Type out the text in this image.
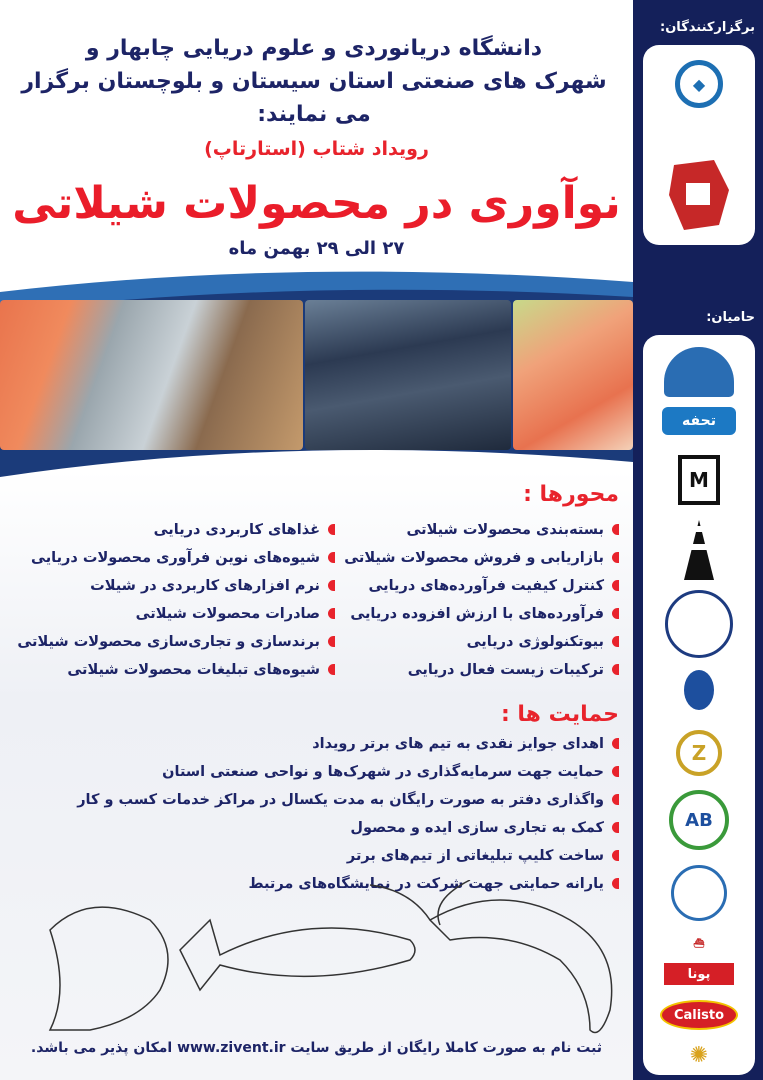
دانشگاه دریانوردی و علوم دریایی چابهار و
شهرک های صنعتی استان سیستان و بلوچستان برگزار می نمایند:
رویداد شتاب (استارتاپ)
نوآوری در محصولات شیلاتی
۲۷ الی ۲۹ بهمن ماه
محورها :
بسته‌بندی محصولات شیلاتی
بازاریابی و فروش محصولات شیلاتی
کنترل کیفیت فرآورده‌های دریایی
فرآورده‌های با ارزش افزوده دریایی
بیوتکنولوژی دریایی
ترکیبات زیست فعال دریایی
غذاهای کاربردی دریایی
شیوه‌های نوین فرآوری محصولات دریایی
نرم افزارهای کاربردی در شیلات
صادرات محصولات شیلاتی
برندسازی و تجاری‌سازی محصولات شیلاتی
شیوه‌های تبلیغات محصولات شیلاتی
حمایت ها :
اهدای جوایز نقدی به تیم های برتر رویداد
حمایت جهت سرمایه‌گذاری در شهرک‌ها و نواحی صنعتی استان
واگذاری دفتر به صورت رایگان به مدت یکسال در مراکز خدمات کسب و کار
کمک به تجاری سازی ایده و محصول
ساخت کلیپ تبلیغاتی از تیم‌های برتر
یارانه حمایتی جهت شرکت در نمایشگاه‌های مرتبط
ثبت نام به صورت کاملا رایگان از طریق سایت www.zivent.ir امکان پذیر می باشد.
برگزارکنندگان:
◆
حامیان:
تحفه
M
Z
AB
⛴
پونا
Calisto
✺
